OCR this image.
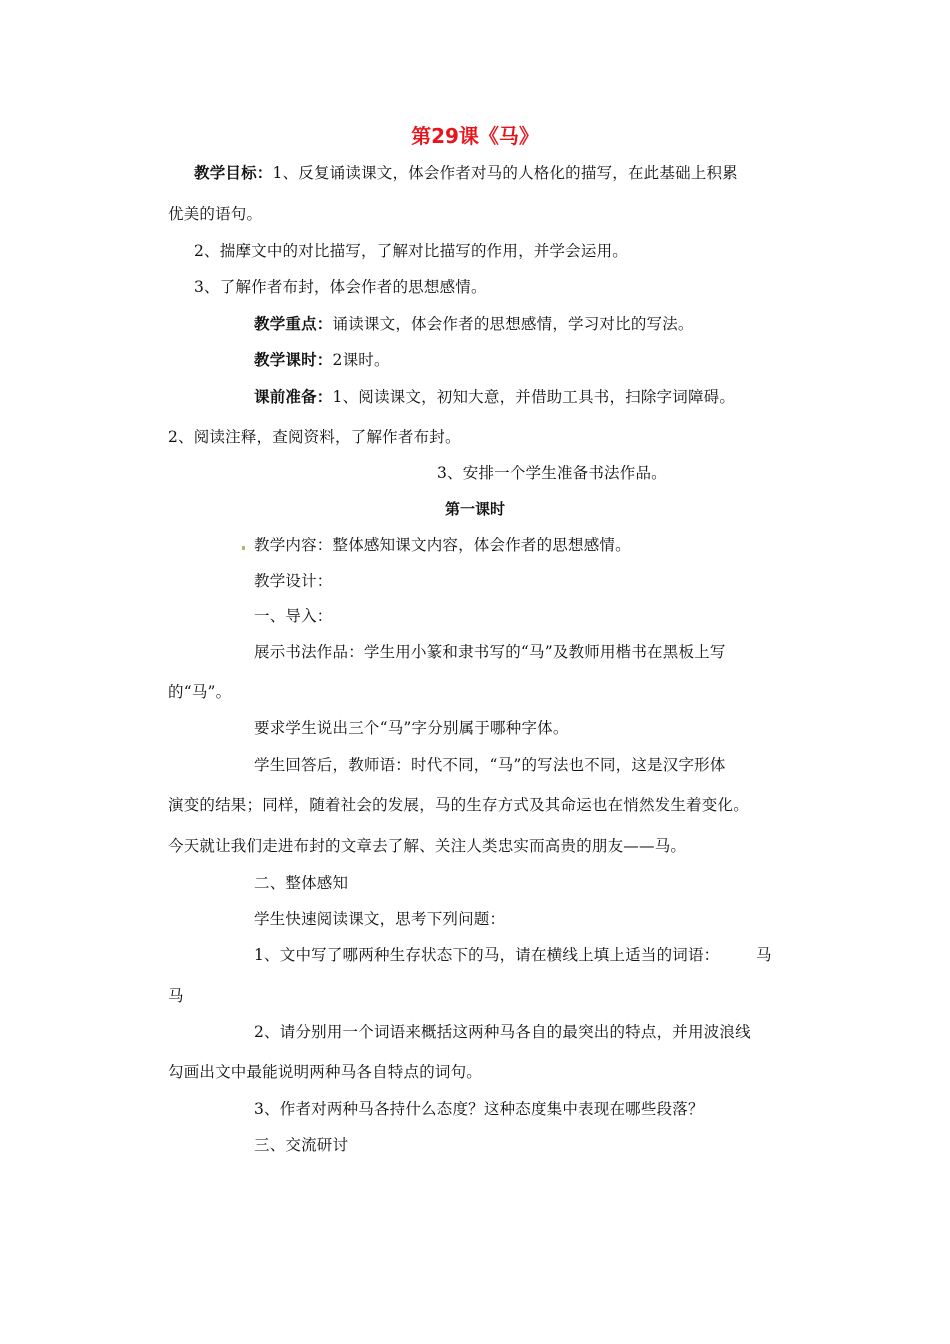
第29课《马》
教学目标：1、反复诵读课文，体会作者对马的人格化的描写，在此基础上积累
优美的语句。
2、揣摩文中的对比描写，了解对比描写的作用，并学会运用。
3、了解作者布封，体会作者的思想感情。
教学重点：诵读课文，体会作者的思想感情，学习对比的写法。
教学课时：2课时。
课前准备：1、阅读课文，初知大意，并借助工具书，扫除字词障碍。
2、阅读注释，查阅资料，了解作者布封。
3、安排一个学生准备书法作品。
第一课时
教学内容：整体感知课文内容，体会作者的思想感情。
教学设计：
一、导入：
展示书法作品：学生用小篆和隶书写的“马”及教师用楷书在黑板上写
的“马”。
要求学生说出三个“马”字分别属于哪种字体。
学生回答后，教师语：时代不同，“马”的写法也不同，这是汉字形体
演变的结果；同样，随着社会的发展，马的生存方式及其命运也在悄然发生着变化。
今天就让我们走进布封的文章去了解、关注人类忠实而高贵的朋友——马。
二、整体感知
学生快速阅读课文，思考下列问题：
1、文中写了哪两种生存状态下的马，请在横线上填上适当的词语： 马
马
2、请分别用一个词语来概括这两种马各自的最突出的特点，并用波浪线
勾画出文中最能说明两种马各自特点的词句。
3、作者对两种马各持什么态度？这种态度集中表现在哪些段落？
三、交流研讨
